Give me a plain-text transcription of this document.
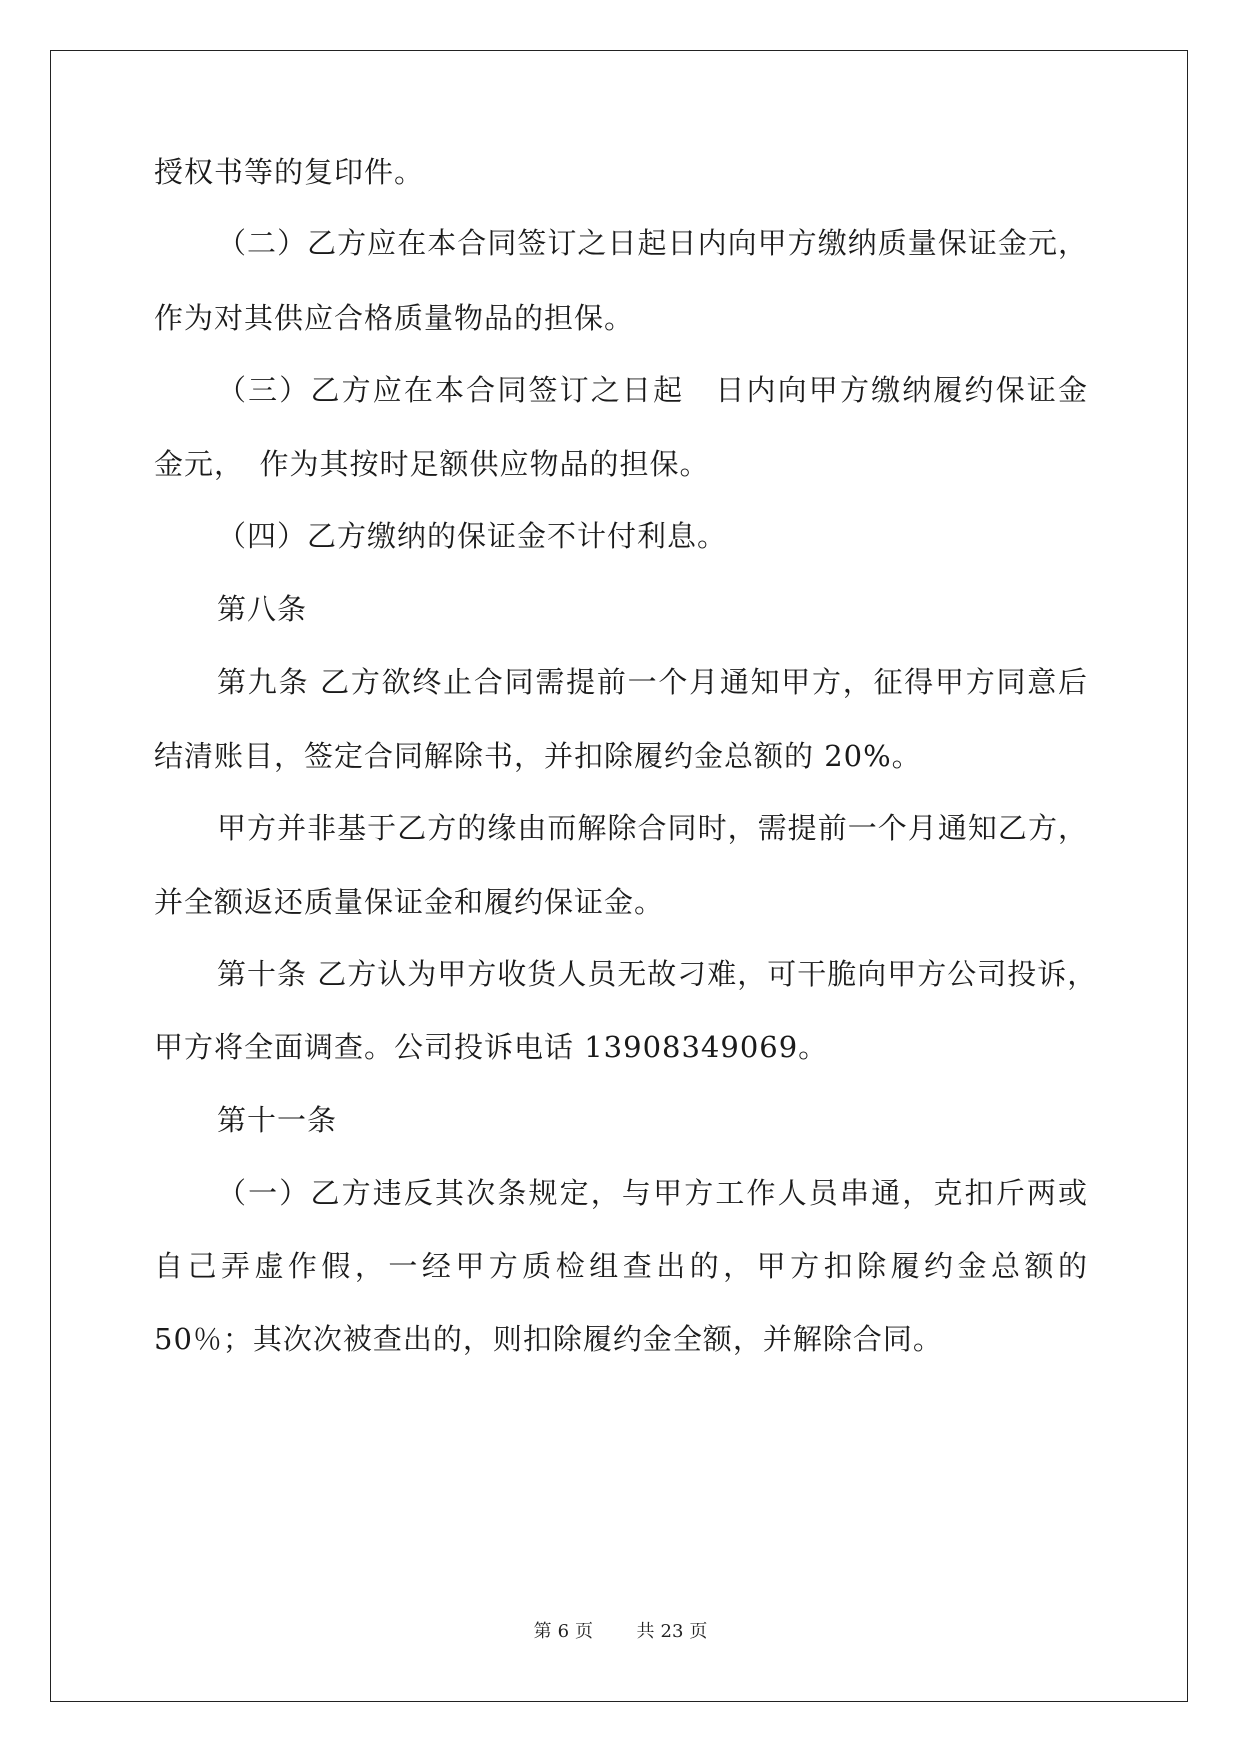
授权书等的复印件。
（二）乙方应在本合同签订之日起日内向甲方缴纳质量保证金元，
作为对其供应合格质量物品的担保。
（三）乙方应在本合同签订之日起　日内向甲方缴纳履约保证金
金元，　作为其按时足额供应物品的担保。
（四）乙方缴纳的保证金不计付利息。
第八条
第九条 乙方欲终止合同需提前一个月通知甲方，征得甲方同意后
结清账目，签定合同解除书，并扣除履约金总额的 20%。
甲方并非基于乙方的缘由而解除合同时，需提前一个月通知乙方，
并全额返还质量保证金和履约保证金。
第十条 乙方认为甲方收货人员无故刁难，可干脆向甲方公司投诉，
甲方将全面调查。公司投诉电话 13908349069。
第十一条
（一）乙方违反其次条规定，与甲方工作人员串通，克扣斤两或
自己弄虚作假，一经甲方质检组查出的，甲方扣除履约金总额的
50％；其次次被查出的，则扣除履约金全额，并解除合同。
第 6 页 共 23 页
